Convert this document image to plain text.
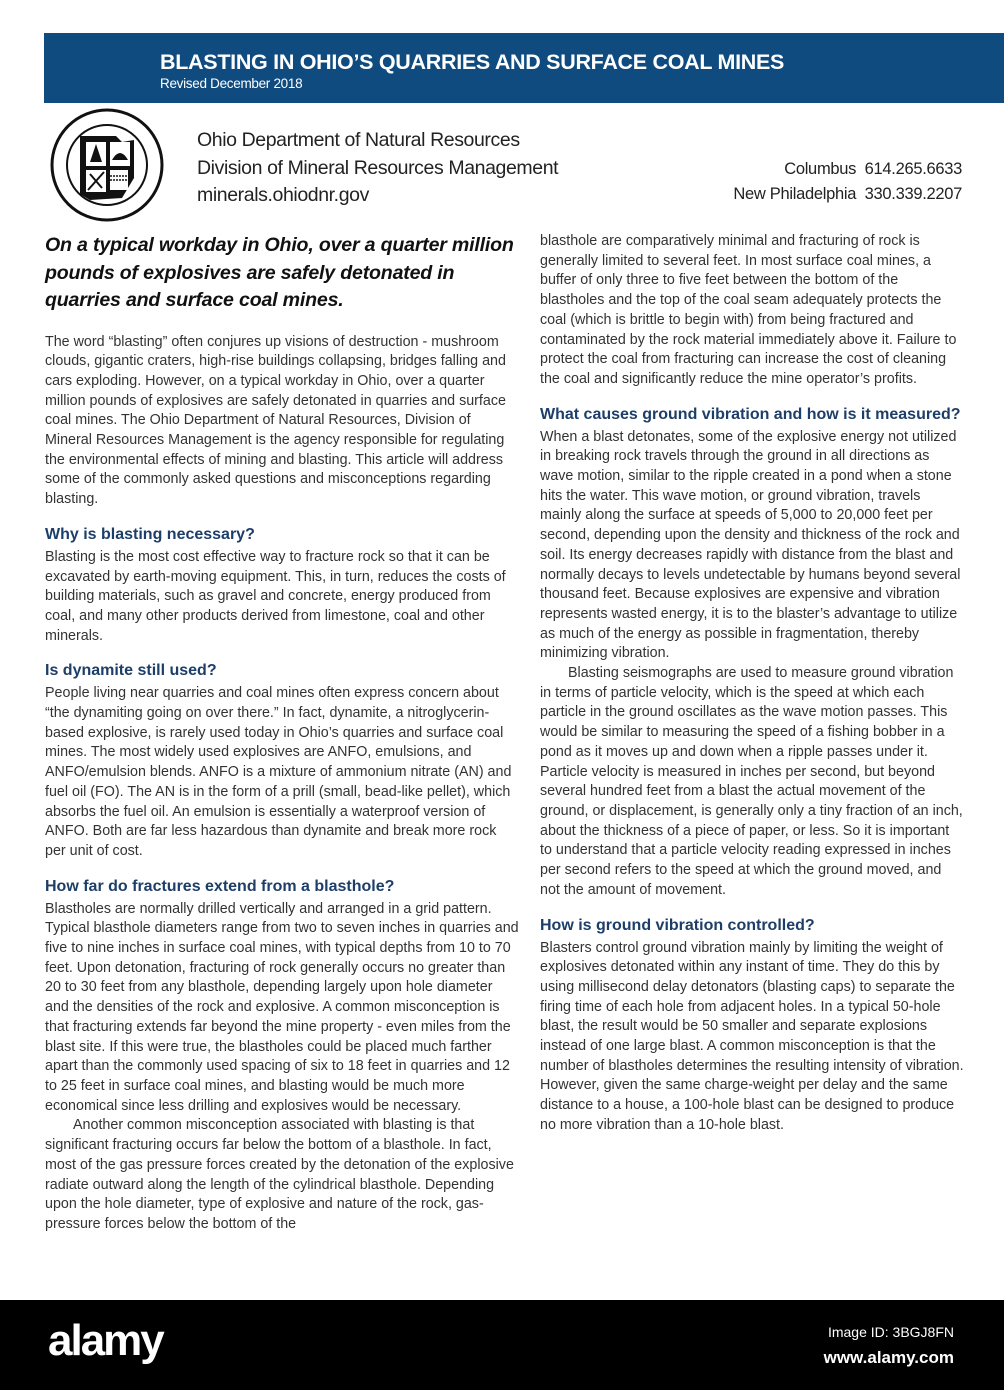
BLASTING IN OHIO’S QUARRIES AND SURFACE COAL MINES
Revised December 2018
Ohio Department of Natural Resources
Division of Mineral Resources Management
minerals.ohiodnr.gov
Columbus  614.265.6633
New Philadelphia  330.339.2207
On a typical workday in Ohio, over a quarter million pounds of explosives are safely detonated in quarries and surface coal mines.

The word “blasting” often conjures up visions of destruction - mushroom clouds, gigantic craters, high-rise buildings collapsing, bridges falling and cars exploding. However, on a typical workday in Ohio, over a quarter million pounds of explosives are safely detonated in quarries and surface coal mines. The Ohio Department of Natural Resources, Division of Mineral Resources Management is the agency responsible for regulating the environmental effects of mining and blasting. This article will address some of the commonly asked questions and misconceptions regarding blasting.

Why is blasting necessary?

Blasting is the most cost effective way to fracture rock so that it can be excavated by earth-moving equipment. This, in turn, reduces the costs of building materials, such as gravel and concrete, energy produced from coal, and many other products derived from limestone, coal and other minerals.

Is dynamite still used?

People living near quarries and coal mines often express concern about “the dynamiting going on over there.” In fact, dynamite, a nitroglycerin-based explosive, is rarely used today in Ohio’s quarries and surface coal mines. The most widely used explosives are ANFO, emulsions, and ANFO/emulsion blends. ANFO is a mixture of ammonium nitrate (AN) and fuel oil (FO). The AN is in the form of a prill (small, bead-like pellet), which absorbs the fuel oil. An emulsion is essentially a waterproof version of ANFO. Both are far less hazardous than dynamite and break more rock per unit of cost.

How far do fractures extend from a blasthole?

Blastholes are normally drilled vertically and arranged in a grid pattern. Typical blasthole diameters range from two to seven inches in quarries and five to nine inches in surface coal mines, with typical depths from 10 to 70 feet. Upon detonation, fracturing of rock generally occurs no greater than 20 to 30 feet from any blasthole, depending largely upon hole diameter and the densities of the rock and explosive. A common misconception is that fracturing extends far beyond the mine property - even miles from the blast site. If this were true, the blastholes could be placed much farther apart than the commonly used spacing of six to 18 feet in quarries and 12 to 25 feet in surface coal mines, and blasting would be much more economical since less drilling and explosives would be necessary.

Another common misconception associated with blasting is that significant fracturing occurs far below the bottom of a blasthole. In fact, most of the gas pressure forces created by the detonation of the explosive radiate outward along the length of the cylindrical blasthole. Depending upon the hole diameter, type of explosive and nature of the rock, gas-pressure forces below the bottom of the

blasthole are comparatively minimal and fracturing of rock is generally limited to several feet. In most surface coal mines, a buffer of only three to five feet between the bottom of the blastholes and the top of the coal seam adequately protects the coal (which is brittle to begin with) from being fractured and contaminated by the rock material immediately above it. Failure to protect the coal from fracturing can increase the cost of cleaning the coal and significantly reduce the mine operator’s profits.

What causes ground vibration and how is it measured?

When a blast detonates, some of the explosive energy not utilized in breaking rock travels through the ground in all directions as wave motion, similar to the ripple created in a pond when a stone hits the water. This wave motion, or ground vibration, travels mainly along the surface at speeds of 5,000 to 20,000 feet per second, depending upon the density and thickness of the rock and soil. Its energy decreases rapidly with distance from the blast and normally decays to levels undetectable by humans beyond several thousand feet. Because explosives are expensive and vibration represents wasted energy, it is to the blaster’s advantage to utilize as much of the energy as possible in fragmentation, thereby minimizing vibration.

Blasting seismographs are used to measure ground vibration in terms of particle velocity, which is the speed at which each particle in the ground oscillates as the wave motion passes. This would be similar to measuring the speed of a fishing bobber in a pond as it moves up and down when a ripple passes under it. Particle velocity is measured in inches per second, but beyond several hundred feet from a blast the actual movement of the ground, or displacement, is generally only a tiny fraction of an inch, about the thickness of a piece of paper, or less. So it is important to understand that a particle velocity reading expressed in inches per second refers to the speed at which the ground moved, and not the amount of movement.

How is ground vibration controlled?

Blasters control ground vibration mainly by limiting the weight of explosives detonated within any instant of time. They do this by using millisecond delay detonators (blasting caps) to separate the firing time of each hole from adjacent holes. In a typical 50-hole blast, the result would be 50 smaller and separate explosions instead of one large blast. A common misconception is that the number of blastholes determines the resulting intensity of vibration. However, given the same charge-weight per delay and the same distance to a house, a 100-hole blast can be designed to produce no more vibration than a 10-hole blast.

alamy	Image ID: 3BGJ8FN
www.alamy.com
